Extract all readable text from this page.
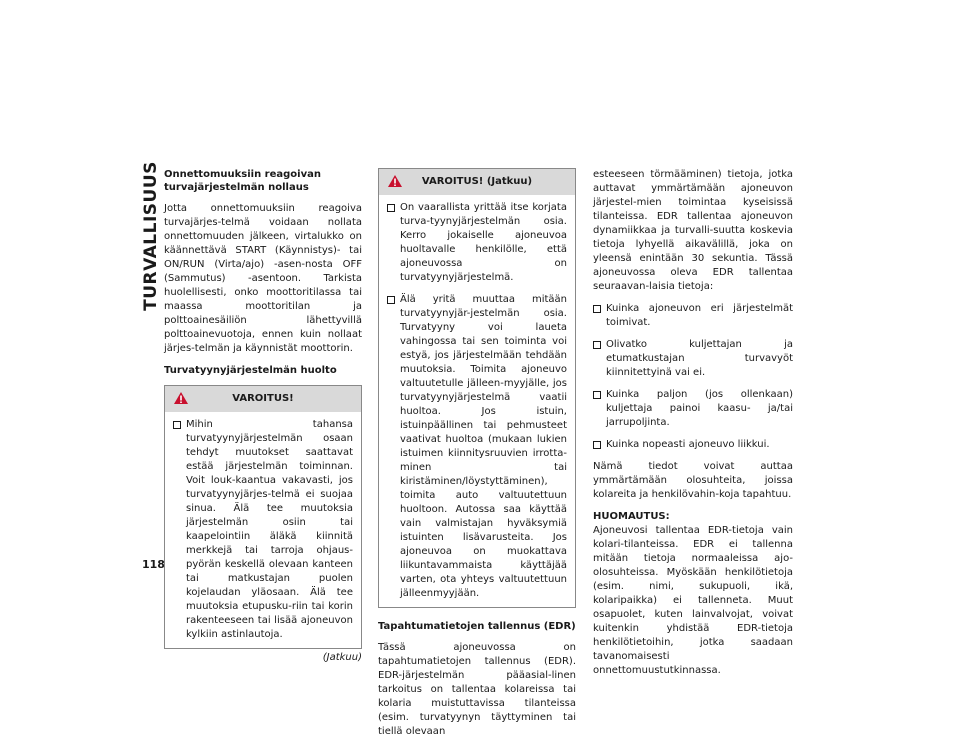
TURVALLISUUS
118
Onnettomuuksiin reagoivan turvajärjestelmän nollaus

Jotta onnettomuuksiin reagoiva turvajärjes-telmä voidaan nollata onnettomuuden jälkeen, virtalukko on käännettävä START (Käynnistys)- tai ON/RUN (Virta/ajo) -asen-nosta OFF (Sammutus) -asentoon. Tarkista huolellisesti, onko moottoritilassa tai maassa moottoritilan ja polttoainesäiliön lähettyvillä polttoainevuotoja, ennen kuin nollaat järjes-telmän ja käynnistät moottorin.

Turvatyynyjärjestelmän huolto
VAROITUS!
Mihin tahansa turvatyynyjärjestelmän osaan tehdyt muutokset saattavat estää järjestelmän toiminnan. Voit louk-kaantua vakavasti, jos turvatyynyjärjes-telmä ei suojaa sinua. Älä tee muutoksia järjestelmän osiin tai kaapelointiin äläkä kiinnitä merkkejä tai tarroja ohjaus-pyörän keskellä olevaan kanteen tai matkustajan puolen kojelaudan yläosaan. Älä tee muutoksia etupusku-riin tai korin rakenteeseen tai lisää ajoneuvon kylkiin astinlautoja.
(Jatkuu)
VAROITUS! (Jatkuu)
On vaarallista yrittää itse korjata turva-tyynyjärjestelmän osia. Kerro jokaiselle ajoneuvoa huoltavalle henkilölle, että ajoneuvossa on turvatyynyjärjestelmä.
Älä yritä muuttaa mitään turvatyynyjär-jestelmän osia. Turvatyyny voi laueta vahingossa tai sen toiminta voi estyä, jos järjestelmään tehdään muutoksia. Toimita ajoneuvo valtuutetulle jälleen-myyjälle, jos turvatyynyjärjestelmä vaatii huoltoa. Jos istuin, istuinpäällinen tai pehmusteet vaativat huoltoa (mukaan lukien istuimen kiinnitysruuvien irrotta-minen tai kiristäminen/löystyttäminen), toimita auto valtuutettuun huoltoon. Autossa saa käyttää vain valmistajan hyväksymiä istuinten lisävarusteita. Jos ajoneuvoa on muokattava liikuntavammaista käyttäjää varten, ota yhteys valtuutettuun jälleenmyyjään.
Tapahtumatietojen tallennus (EDR)

Tässä ajoneuvossa on tapahtumatietojen tallennus (EDR). EDR-järjestelmän pääasial-linen tarkoitus on tallentaa kolareissa tai kolaria muistuttavissa tilanteissa (esim. turvatyynyn täyttyminen tai tiellä olevaan

esteeseen törmääminen) tietoja, jotka auttavat ymmärtämään ajoneuvon järjestel-mien toimintaa kyseisissä tilanteissa. EDR tallentaa ajoneuvon dynamiikkaa ja turvalli-suutta koskevia tietoja lyhyellä aikavälillä, joka on yleensä enintään 30 sekuntia. Tässä ajoneuvossa oleva EDR tallentaa seuraavan-laisia tietoja:

Kuinka ajoneuvon eri järjestelmät toimivat.
Olivatko kuljettajan ja etumatkustajan turvavyöt kiinnitettyinä vai ei.
Kuinka paljon (jos ollenkaan) kuljettaja painoi kaasu- ja/tai jarrupoljinta.
Kuinka nopeasti ajoneuvo liikkui.

Nämä tiedot voivat auttaa ymmärtämään olosuhteita, joissa kolareita ja henkilövahin-koja tapahtuu.

HUOMAUTUS:

Ajoneuvosi tallentaa EDR-tietoja vain kolari-tilanteissa. EDR ei tallenna mitään tietoja normaaleissa ajo-olosuhteissa. Myöskään henkilötietoja (esim. nimi, sukupuoli, ikä, kolaripaikka) ei tallenneta. Muut osapuolet, kuten lainvalvojat, voivat kuitenkin yhdistää EDR-tietoja henkilötietoihin, jotka saadaan tavanomaisesti onnettomuustutkinnassa.
